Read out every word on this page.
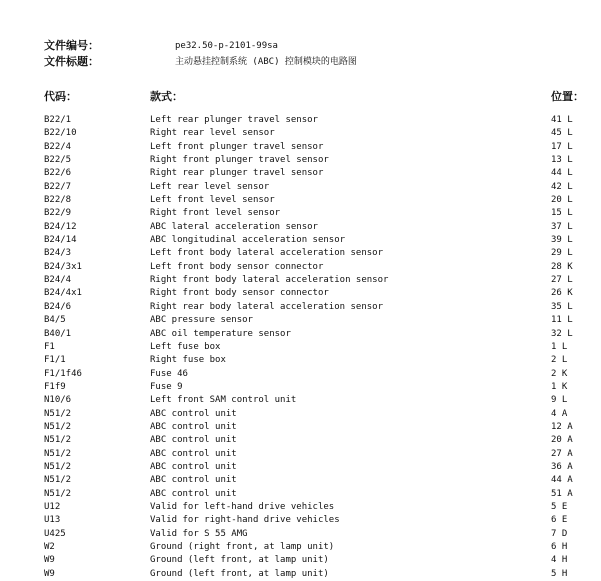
文件编号：	pe32.50-p-2101-99sa
文件标题：	主动悬挂控制系统 (ABC) 控制模块的电路图
代码：	款式：	位置：
B22/1	Left rear plunger travel sensor	41 L
B22/10	Right rear level sensor	45 L
B22/4	Left front plunger travel sensor	17 L
B22/5	Right front plunger travel sensor	13 L
B22/6	Right rear plunger travel sensor	44 L
B22/7	Left rear level sensor	42 L
B22/8	Left front level sensor	20 L
B22/9	Right front level sensor	15 L
B24/12	ABC lateral acceleration sensor	37 L
B24/14	ABC longitudinal acceleration sensor	39 L
B24/3	Left front body lateral acceleration sensor	29 L
B24/3x1	Left front body sensor connector	28 K
B24/4	Right front body lateral acceleration sensor	27 L
B24/4x1	Right front body sensor connector	26 K
B24/6	Right rear body lateral acceleration sensor	35 L
B4/5	ABC pressure sensor	11 L
B40/1	ABC oil temperature sensor	32 L
F1	Left fuse box	1 L
F1/1	Right fuse box	2 L
F1/1f46	Fuse 46	2 K
F1f9	Fuse 9	1 K
N10/6	Left front SAM control unit	9 L
N51/2	ABC control unit	4 A
N51/2	ABC control unit	12 A
N51/2	ABC control unit	20 A
N51/2	ABC control unit	27 A
N51/2	ABC control unit	36 A
N51/2	ABC control unit	44 A
N51/2	ABC control unit	51 A
U12	Valid for left-hand drive vehicles	5 E
U13	Valid for right-hand drive vehicles	6 E
U425	Valid for S 55 AMG	7 D
W2	Ground (right front, at lamp unit)	6 H
W9	Ground (left front, at lamp unit)	4 H
W9	Ground (left front, at lamp unit)	5 H
